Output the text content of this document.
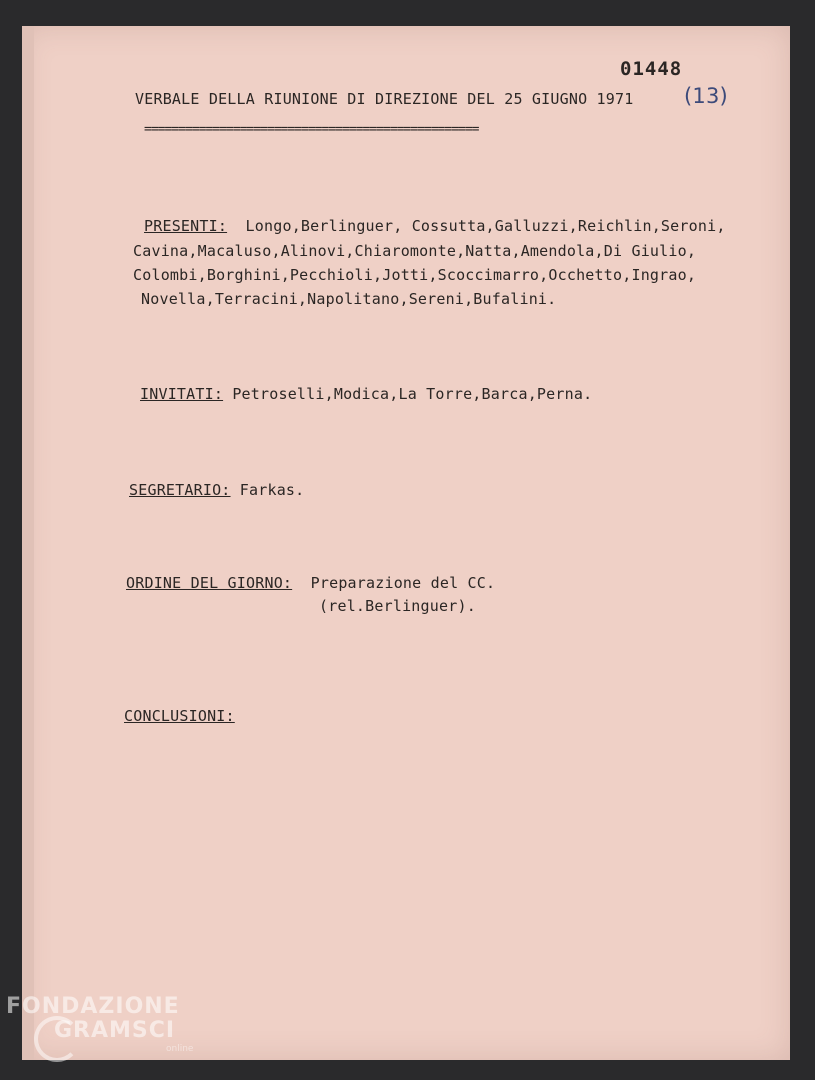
01448
(13)
VERBALE DELLA RIUNIONE DI DIREZIONE DEL 25 GIUGNO 1971
=================================================
PRESENTI: Longo,Berlinguer, Cossutta,Galluzzi,Reichlin,Seroni,
Cavina,Macaluso,Alinovi,Chiaromonte,Natta,Amendola,Di Giulio,
Colombi,Borghini,Pecchioli,Jotti,Scoccimarro,Occhetto,Ingrao,
Novella,Terracini,Napolitano,Sereni,Bufalini.
INVITATI: Petroselli,Modica,La Torre,Barca,Perna.
SEGRETARIO: Farkas.
ORDINE DEL GIORNO: Preparazione del CC.
(rel.Berlinguer).
CONCLUSIONI:
FONDAZIONE
GRAMSCI
online
